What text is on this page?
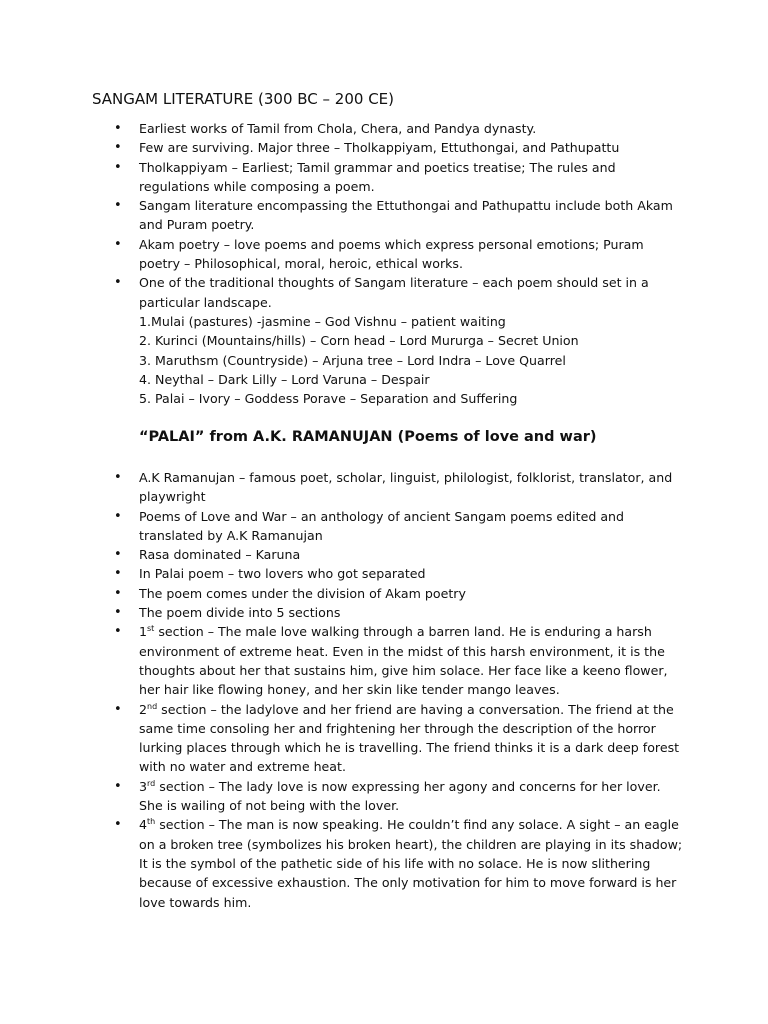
SANGAM LITERATURE (300 BC – 200 CE)
• Earliest works of Tamil from Chola, Chera, and Pandya dynasty.
• Few are surviving. Major three – Tholkappiyam, Ettuthongai, and Pathupattu
• Tholkappiyam – Earliest; Tamil grammar and poetics treatise; The rules and regulations while composing a poem.
• Sangam literature encompassing the Ettuthongai and Pathupattu include both Akam and Puram poetry.
• Akam poetry – love poems and poems which express personal emotions; Puram poetry – Philosophical, moral, heroic, ethical works.
• One of the traditional thoughts of Sangam literature – each poem should set in a particular landscape.
1.Mulai (pastures) -jasmine – God Vishnu – patient waiting
2. Kurinci (Mountains/hills) – Corn head – Lord Mururga – Secret Union
3. Maruthsm (Countryside) – Arjuna tree – Lord Indra – Love Quarrel
4. Neythal – Dark Lilly – Lord Varuna – Despair
5. Palai – Ivory – Goddess Porave – Separation and Suffering
“PALAI” from A.K. RAMANUJAN (Poems of love and war)
• A.K Ramanujan – famous poet, scholar, linguist, philologist, folklorist, translator, and playwright
• Poems of Love and War – an anthology of ancient Sangam poems edited and translated by A.K Ramanujan
• Rasa dominated – Karuna
• In Palai poem – two lovers who got separated
• The poem comes under the division of Akam poetry
• The poem divide into 5 sections
• 1st section – The male love walking through a barren land. He is enduring a harsh environment of extreme heat. Even in the midst of this harsh environment, it is the thoughts about her that sustains him, give him solace. Her face like a keeno flower, her hair like flowing honey, and her skin like tender mango leaves.
• 2nd section – the ladylove and her friend are having a conversation. The friend at the same time consoling her and frightening her through the description of the horror lurking places through which he is travelling. The friend thinks it is a dark deep forest with no water and extreme heat.
• 3rd section – The lady love is now expressing her agony and concerns for her lover. She is wailing of not being with the lover.
• 4th section – The man is now speaking. He couldn’t find any solace. A sight – an eagle on a broken tree (symbolizes his broken heart), the children are playing in its shadow; It is the symbol of the pathetic side of his life with no solace. He is now slithering because of excessive exhaustion. The only motivation for him to move forward is her love towards him.
